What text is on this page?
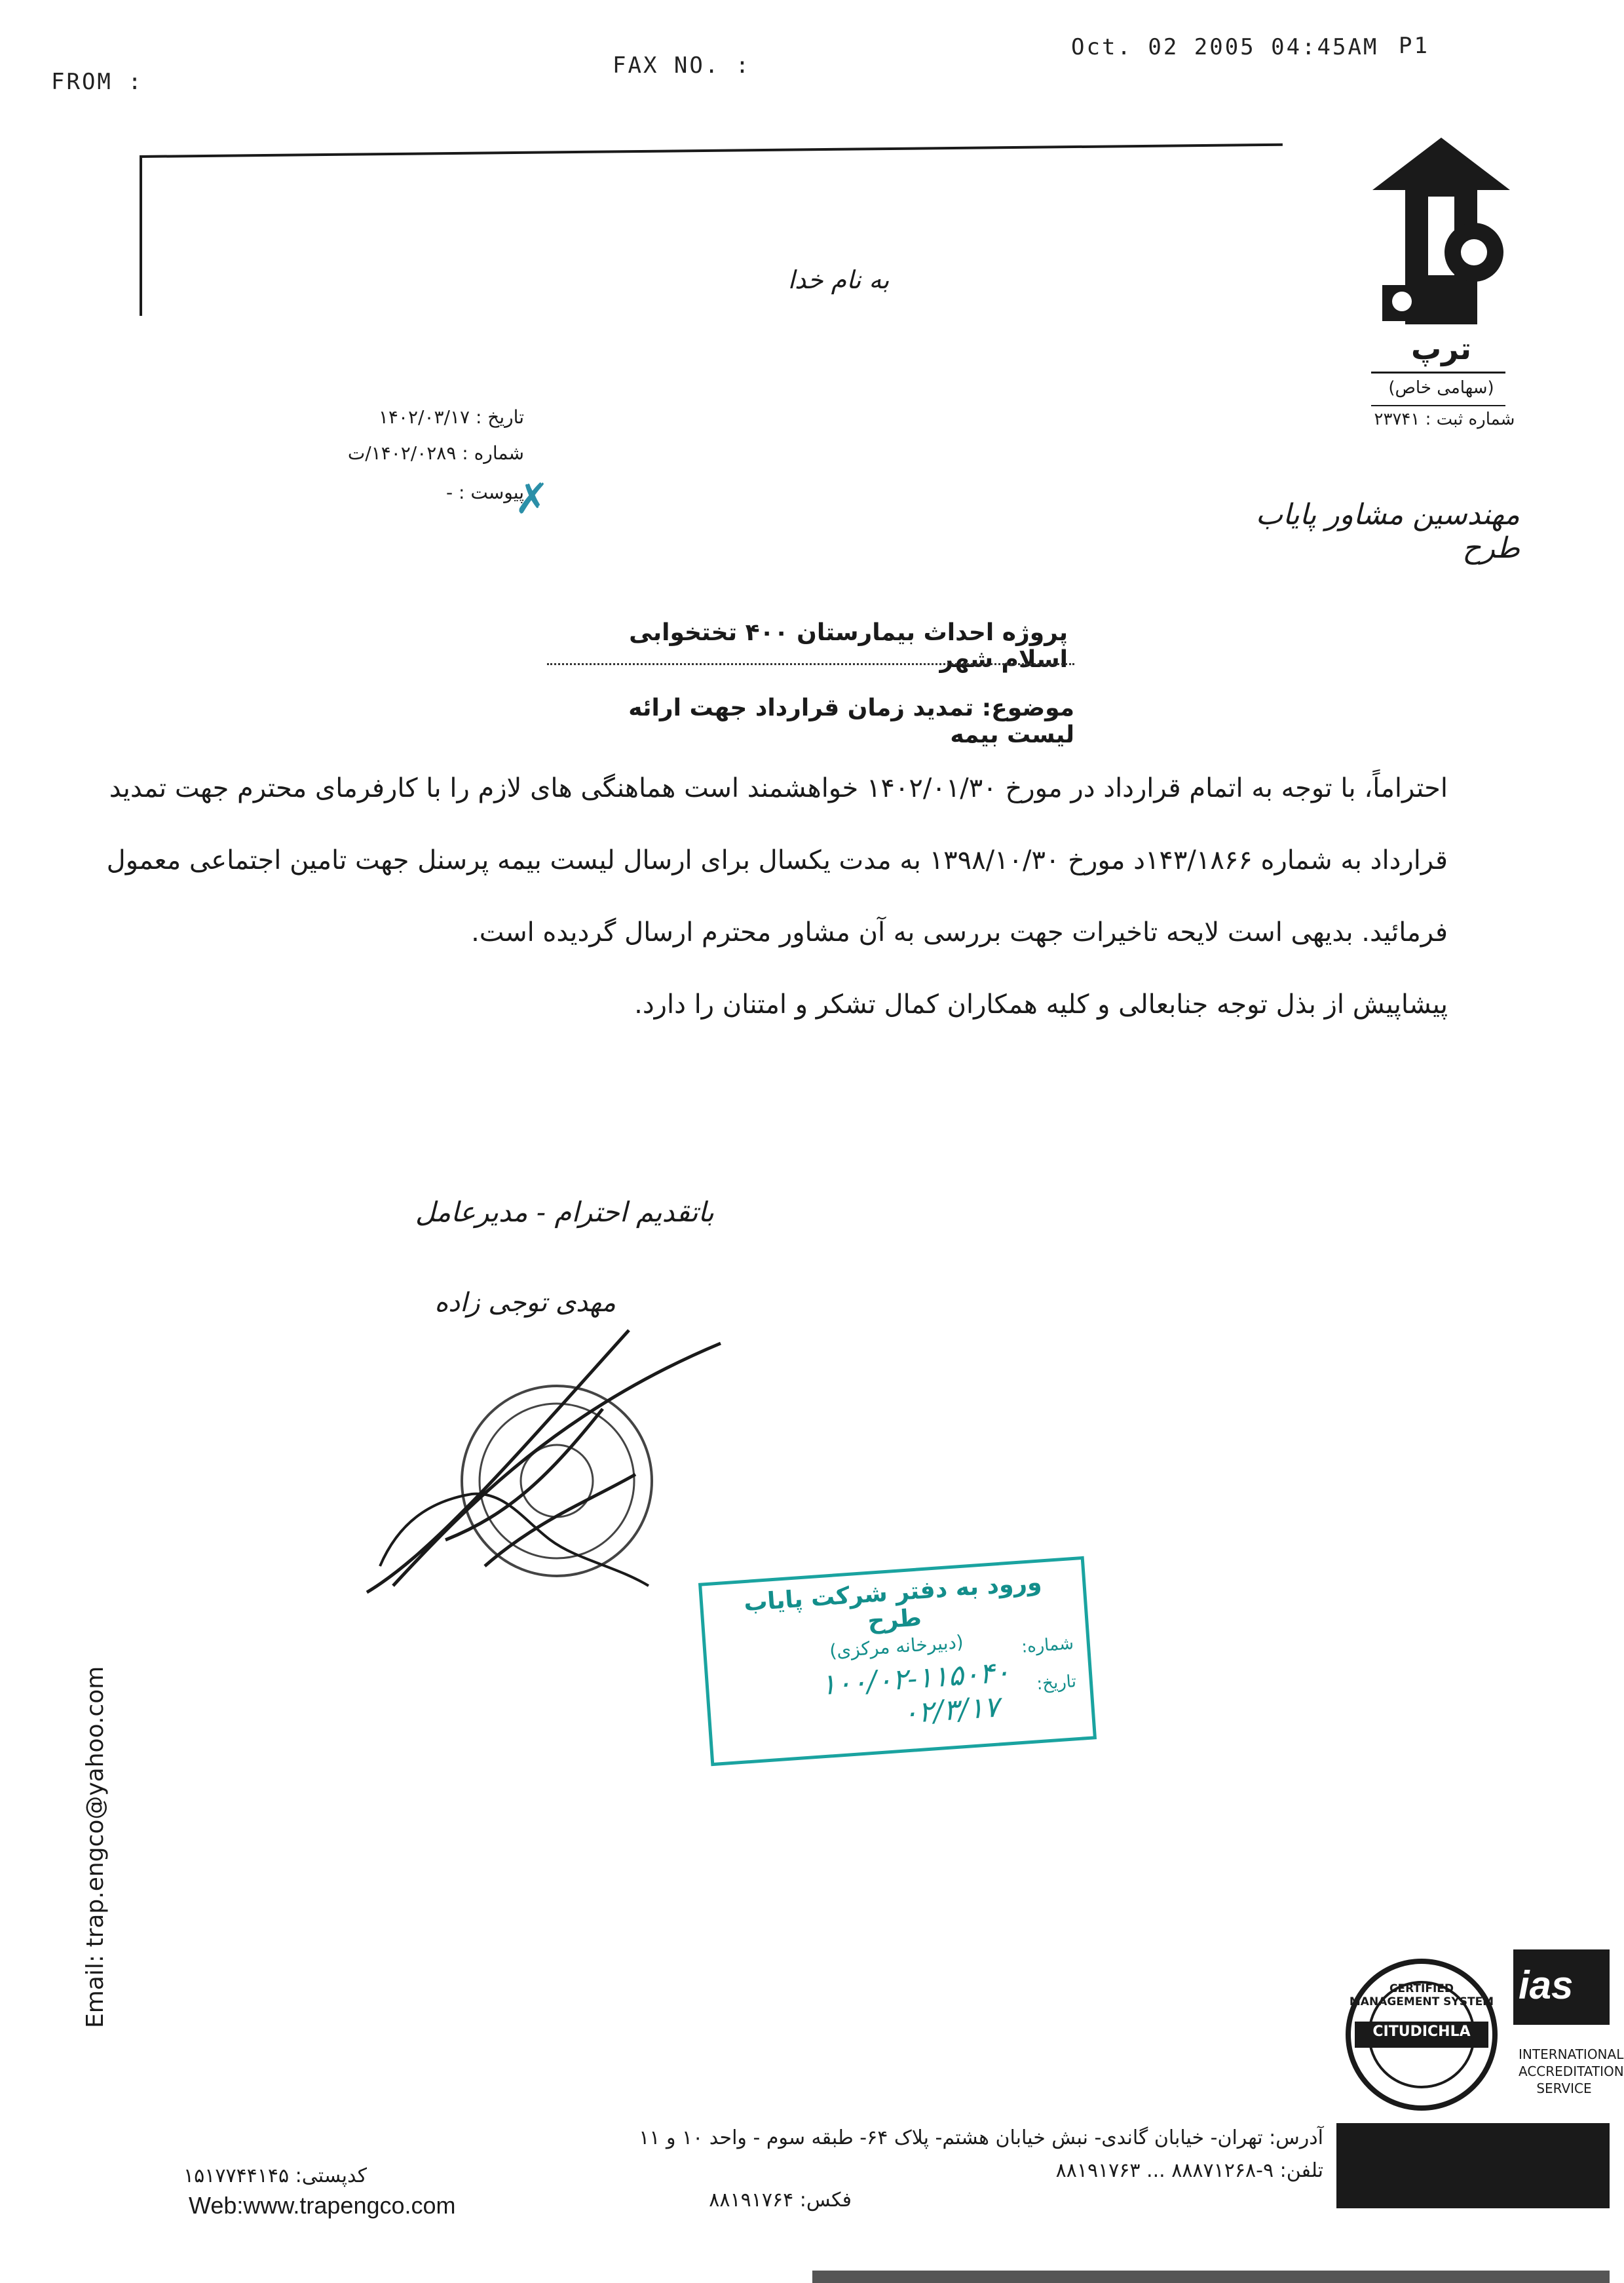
FROM :
FAX NO. :
Oct. 02 2005 04:45AM P1
ترپ
(سهامی خاص)
شماره ثبت : ۲۳۷۴۱
به نام خدا
تاریخ : ۱۴۰۲/۰۳/۱۷
شماره : ۱۴۰۲/۰۲۸۹/ت
پیوست : -
✗	مهندسین مشاور پایاب طرح
پروژه احداث بیمارستان ۴۰۰ تختخوابی اسلام شهر
موضوع: تمدید زمان قرارداد جهت ارائه لیست بیمه
احتراماً، با توجه به اتمام قرارداد در مورخ ۱۴۰۲/۰۱/۳۰ خواهشمند است هماهنگی های لازم را با کارفرمای محترم جهت تمدید
قرارداد به شماره ۱۴۳/۱۸۶۶د مورخ ۱۳۹۸/۱۰/۳۰ به مدت یکسال برای ارسال لیست بیمه پرسنل جهت تامین اجتماعی معمول
فرمائید. بدیهی است لایحه تاخیرات جهت بررسی به آن مشاور محترم ارسال گردیده است.
پیشاپیش از بذل توجه جنابعالی و کلیه همکاران کمال تشکر و امتنان را دارد.
باتقدیم احترام - مدیرعامل
مهدی توجی زاده
ورود به دفتر شرکت پایاب طرح
(دبیرخانه مرکزی)	شماره:
۱۰۰/۰۲-۱۱۵۰۴۰ تاریخ:
۰۲/۳/۱۷
Email: trap.engco@yahoo.com
CITUDICHLA
CERTIFIED MANAGEMENT SYSTEM ias
INTERNATIONAL ACCREDITATION SERVICE
کدپستی: ۱۵۱۷۷۴۴۱۴۵
Web:www.trapengco.com
آدرس: تهران- خیابان گاندی- نبش خیابان هشتم- پلاک ۶۴- طبقه سوم - واحد ۱۰ و ۱۱
تلفن: ۹-۸۸۸۷۱۲۶۸ ... ۸۸۱۹۱۷۶۳
فکس: ۸۸۱۹۱۷۶۴
